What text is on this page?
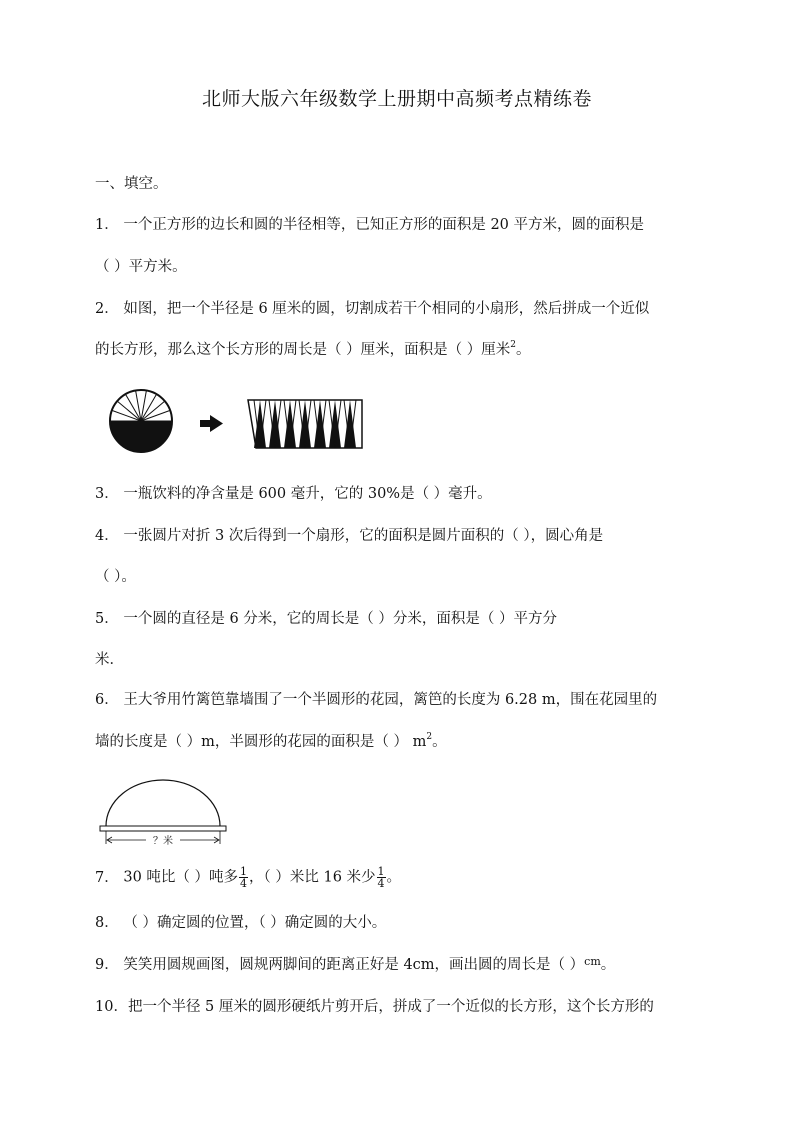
北师大版六年级数学上册期中高频考点精练卷
一、填空。
1． 一个正方形的边长和圆的半径相等，已知正方形的面积是 20 平方米，圆的面积是
（ ）平方米。
2． 如图，把一个半径是 6 厘米的圆，切割成若干个相同的小扇形，然后拼成一个近似
的长方形，那么这个长方形的周长是（ ）厘米，面积是（ ）厘米$^2$。
3． 一瓶饮料的净含量是 600 毫升，它的 30%是（ ）毫升。
4． 一张圆片对折 3 次后得到一个扇形，它的面积是圆片面积的（ ），圆心角是
（ ）。
5． 一个圆的直径是 6 分米，它的周长是（ ）分米，面积是（ ）平方分
米．
6． 王大爷用竹篱笆靠墙围了一个半圆形的花园，篱笆的长度为 6.28 m，围在花园里的
墙的长度是（ ）m，半圆形的花园的面积是（ ） $m^2$。
？米
7． 30 吨比（ ）吨多 $\frac{1}{4}$ ，（ ）米比 16 米少 $\frac{1}{4}$ 。
8． （ ）确定圆的位置，（ ）确定圆的大小。
9． 笑笑用圆规画图，圆规两脚间的距离正好是 4cm，画出圆的周长是（ ）$^{cm}$。
10．把一个半径 5 厘米的圆形硬纸片剪开后，拼成了一个近似的长方形，这个长方形的
